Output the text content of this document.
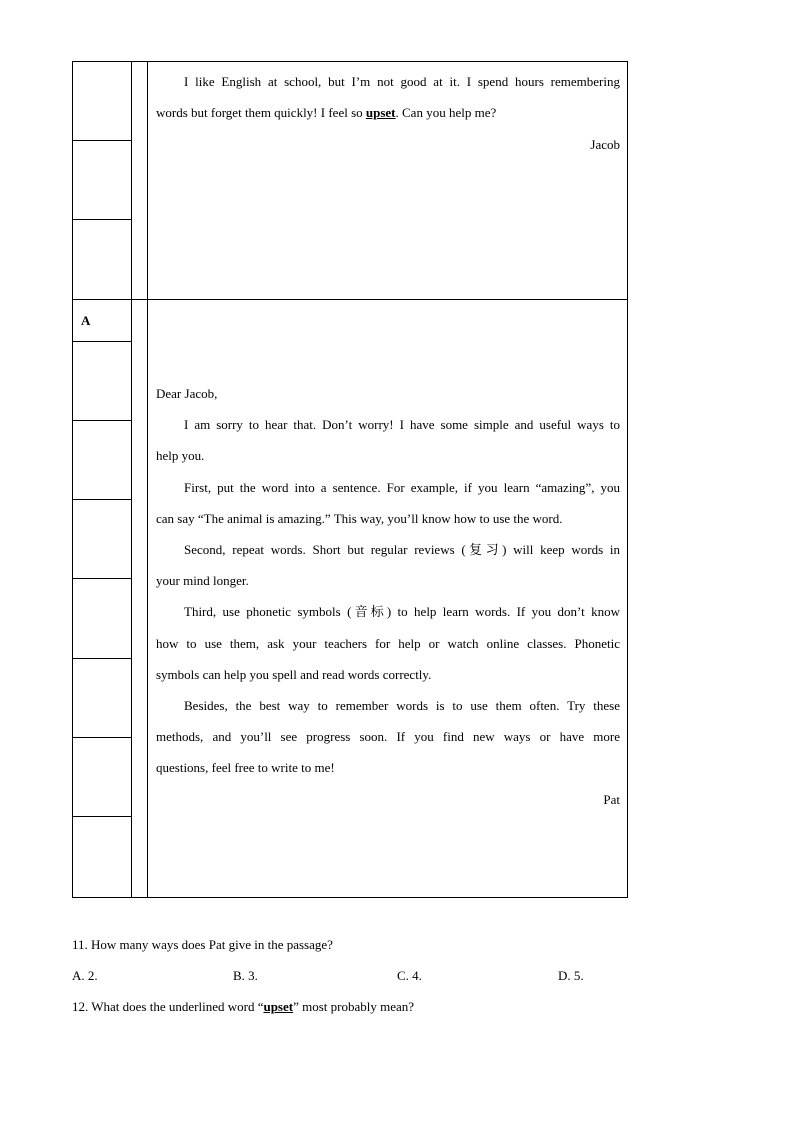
I like English at school, but I’m not good at it. I spend hours remembering
words but forget them quickly! I feel so upset. Can you help me?
Jacob
A
Dear Jacob,
I am sorry to hear that. Don’t worry! I have some simple and useful ways to
help you.
First, put the word into a sentence. For example, if you learn “amazing”, you
can say “The animal is amazing.” This way, you’ll know how to use the word.
Second, repeat words. Short but regular reviews (复习) will keep words in
your mind longer.
Third, use phonetic symbols (音标) to help learn words. If you don’t know
how to use them, ask your teachers for help or watch online classes. Phonetic
symbols can help you spell and read words correctly.
Besides, the best way to remember words is to use them often. Try these
methods, and you’ll see progress soon. If you find new ways or have more
questions, feel free to write to me!
Pat
11. How many ways does Pat give in the passage?
A. 2.	B. 3.	C. 4.	D. 5.
12. What does the underlined word “upset” most probably mean?
